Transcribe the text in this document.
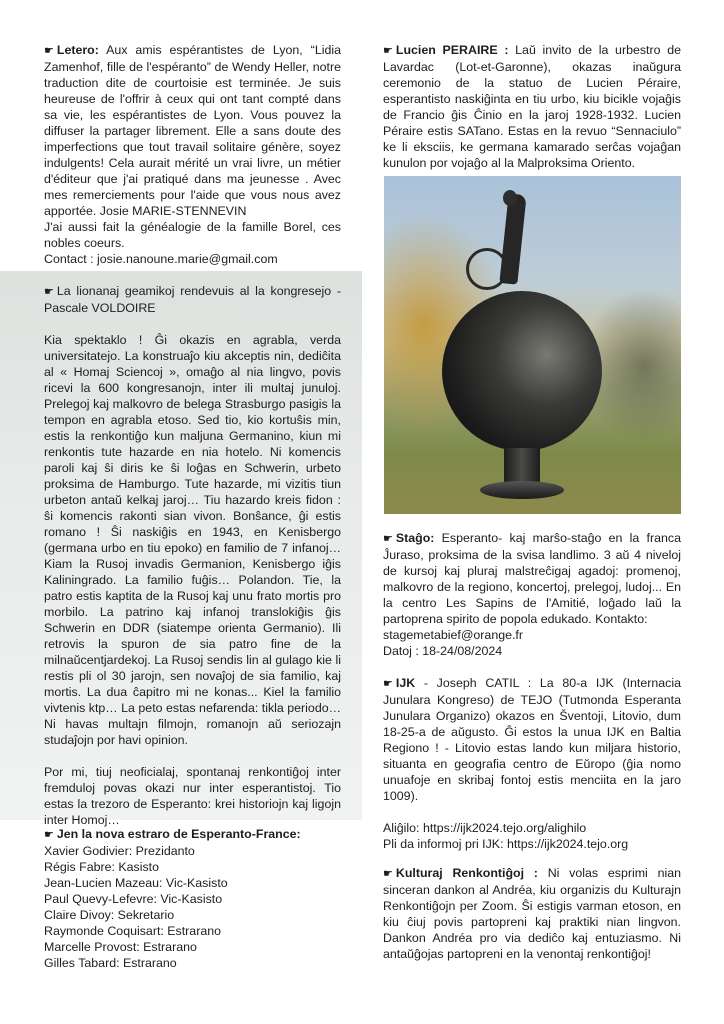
☛ Letero: Aux amis espérantistes de Lyon, “Lidia Zamenhof, fille de l'espéranto” de Wendy Heller, notre traduction dite de courtoisie est terminée. Je suis heureuse de l'offrir à ceux qui ont tant compté dans sa vie, les espérantistes de Lyon. Vous pouvez la diffuser la partager librement. Elle a sans doute des imperfections que tout travail solitaire génère, soyez indulgents! Cela aurait mérité un vrai livre, un métier d'éditeur que j'ai pratiqué dans ma jeunesse . Avec mes remerciements pour l'aide que vous nous avez apportée. Josie MARIE-STENNEVIN

J'ai aussi fait la généalogie de la famille Borel, ces nobles coeurs.

Contact : josie.nanoune.marie@gmail.com

☛ La lionanaj geamikoj rendevuis al la kongresejo - Pascale VOLDOIRE

Kia spektaklo ! Ĝi okazis en agrabla, verda universitatejo. La konstruaĵo kiu akceptis nin, dediĉita al « Homaj Sciencoj », omaĝo al nia lingvo, povis ricevi la 600 kongresanojn, inter ili multaj junuloj. Prelegoj kaj malkovro de belega Strasburgo pasigis la tempon en agrabla etoso. Sed tio, kio kortuŝis min, estis la renkontiĝo kun maljuna Germanino, kiun mi renkontis tute hazarde en nia hotelo. Ni komencis paroli kaj ŝi diris ke ŝi loĝas en Schwerin, urbeto proksima de Hamburgo. Tute hazarde, mi vizitis tiun urbeton antaŭ kelkaj jaroj… Tiu hazardo kreis fidon : ŝi komencis rakonti sian vivon. Bonŝance, ĝi estis romano ! Ŝi naskiĝis en 1943, en Kenisbergo (germana urbo en tiu epoko) en familio de 7 infanoj… Kiam la Rusoj invadis Germanion, Kenisbergo iĝis Kaliningrado. La familio fuĝis… Polandon. Tie, la patro estis kaptita de la Rusoj kaj unu frato mortis pro morbilo. La patrino kaj infanoj translokiĝis ĝis Schwerin en DDR (siatempe orienta Germanio). Ili retrovis la spuron de sia patro fine de la milnaŭcentjardekoj. La Rusoj sendis lin al gulago kie li restis pli ol 30 jarojn, sen novaĵoj de sia familio, kaj mortis. La dua ĉapitro mi ne konas... Kiel la familio vivtenis ktp… La peto estas nefarenda: tikla periodo… Ni havas multajn filmojn, romanojn aŭ seriozajn studaĵojn por havi opinion.

Por mi, tiuj neoficialaj, spontanaj renkontiĝoj inter fremduloj povas okazi nur inter esperantistoj. Tio estas la trezoro de Esperanto: krei historiojn kaj ligojn inter Homoj…

☛ Jen la nova estraro de Esperanto-France:

Xavier Godivier: Prezidanto

Régis Fabre: Kasisto

Jean-Lucien Mazeau: Vic-Kasisto

Paul Quevy-Lefevre: Vic-Kasisto

Claire Divoy: Sekretario

Raymonde Coquisart: Estrarano

Marcelle Provost: Estrarano

Gilles Tabard: Estrarano

☛ Lucien PERAIRE : Laŭ invito de la urbestro de Lavardac (Lot-et-Garonne), okazas inaŭgura ceremonio de la statuo de Lucien Péraire, esperantisto naskiĝinta en tiu urbo, kiu bicikle vojaĝis de Francio ĝis Ĉinio en la jaroj 1928-1932. Lucien Péraire estis SATano. Estas en la revuo “Sennaciulo” ke li eksciis, ke germana kamarado serĉas vojaĝan kunulon por vojaĝo al la Malproksima Oriento.

☛ Staĝo: Esperanto- kaj marŝo-staĝo en la franca Ĵuraso, proksima de la svisa landlimo. 3 aŭ 4 niveloj de kursoj kaj pluraj malstreĉigaj agadoj: promenoj, malkovro de la regiono, koncertoj, prelegoj, ludoj... En la centro Les Sapins de l'Amitié, loĝado laŭ la partoprena spirito de popola edukado. Kontakto:

stagemetabief@orange.fr

Datoj : 18-24/08/2024

☛ IJK - Joseph CATIL : La 80-a IJK (Internacia Junulara Kongreso) de TEJO (Tutmonda Esperanta Junulara Organizo) okazos en Šventoji, Litovio, dum 18-25-a de aŭgusto. Ĝi estos la unua IJK en Baltia Regiono ! - Litovio estas lando kun miljara historio, situanta en geografia centro de Eŭropo (ĝia nomo unuafoje en skribaj fontoj estis menciita en la jaro 1009).

Aliĝilo: https://ijk2024.tejo.org/alighilo

Pli da informoj pri IJK: https://ijk2024.tejo.org

☛ Kulturaj Renkontiĝoj : Ni volas esprimi nian sinceran dankon al Andréa, kiu organizis du Kulturajn Renkontiĝojn per Zoom. Ŝi estigis varman etoson, en kiu ĉiuj povis partopreni kaj praktiki nian lingvon. Dankon Andréa pro via dediĉo kaj entuziasmo. Ni antaŭĝojas partopreni en la venontaj renkontiĝoj!
